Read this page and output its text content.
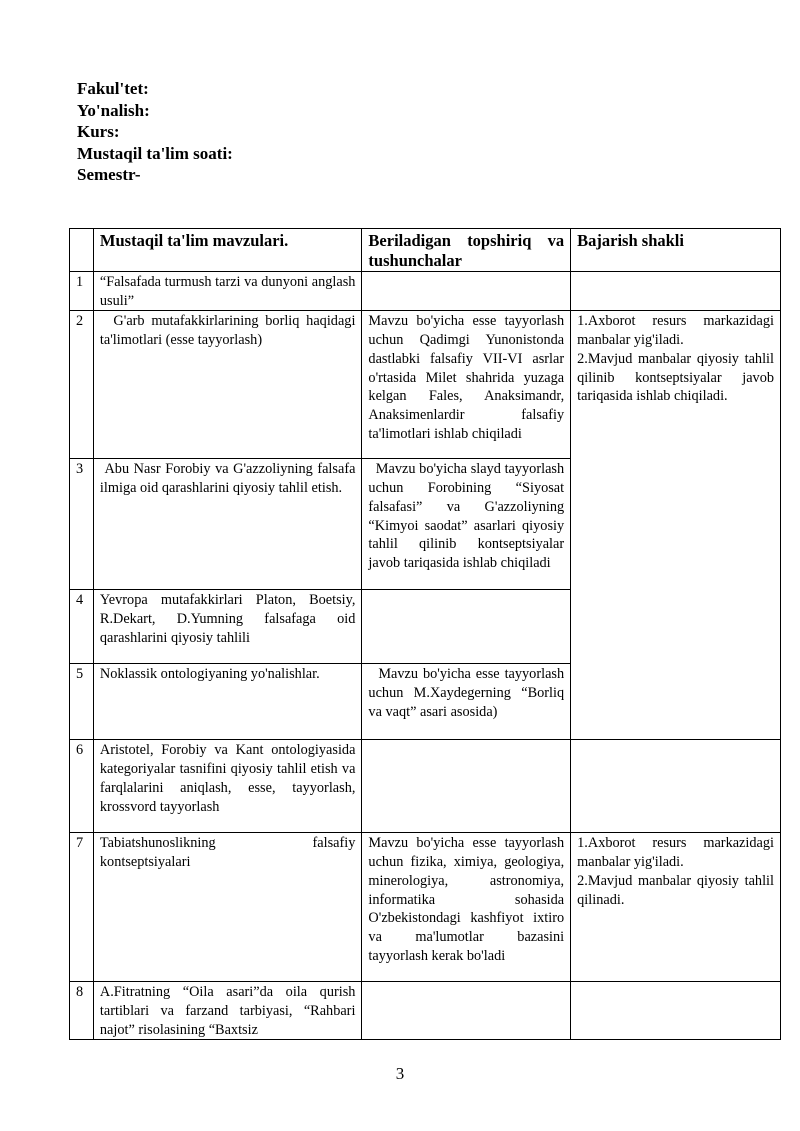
Fakul'tet:
Yo'nalish:
Kurs:
Mustaqil ta'lim soati:
Semestr-
	Mustaqil ta'lim mavzulari.	Beriladigan topshiriq va tushunchalar	Bajarish shakli
1	“Falsafada turmush tarzi va dunyoni anglash usuli”		
2	G'arb mutafakkirlarining borliq haqidagi ta'limotlari (esse tayyorlash)	Mavzu bo'yicha esse tayyorlash uchun Qadimgi Yunonistonda dastlabki falsafiy VII-VI asrlar o'rtasida Milet shahrida yuzaga kelgan Fales, Anaksimandr, Anaksimenlardir falsafiy ta'limotlari ishlab chiqiladi	1.Axborot resurs markazidagi manbalar yig'iladi.

2.Mavjud manbalar qiyosiy tahlil qilinib kontseptsiyalar javob tariqasida ishlab chiqiladi.

3	Abu Nasr Forobiy va G'azzoliyning falsafa ilmiga oid qarashlarini qiyosiy tahlil etish.	Mavzu bo'yicha slayd tayyorlash uchun Forobining “Siyosat falsafasi” va G'azzoliyning “Kimyoi saodat” asarlari qiyosiy tahlil qilinib kontseptsiyalar javob tariqasida ishlab chiqiladi	
4	Yevropa mutafakkirlari Platon, Boetsiy, R.Dekart, D.Yumning falsafaga oid qarashlarini qiyosiy tahlili		
5	Noklassik ontologiyaning yo'nalishlar.	Mavzu bo'yicha esse tayyorlash uchun M.Xaydegerning “Borliq va vaqt” asari asosida)	
6	Aristotel, Forobiy va Kant ontologiyasida kategoriyalar tasnifini qiyosiy tahlil etish va farqlalarini aniqlash, esse, tayyorlash, krossvord tayyorlash		
7	Tabiatshunoslikning falsafiy kontseptsiyalari	Mavzu bo'yicha esse tayyorlash uchun fizika, ximiya, geologiya, minerologiya, astronomiya, informatika sohasida O'zbekistondagi kashfiyot ixtiro va ma'lumotlar bazasini tayyorlash kerak bo'ladi	1.Axborot resurs markazidagi manbalar yig'iladi.

2.Mavjud manbalar qiyosiy tahlil qilinadi.

8	A.Fitratning “Oila asari”da oila qurish tartiblari va farzand tarbiyasi, “Rahbari najot” risolasining “Baxtsiz		

3
